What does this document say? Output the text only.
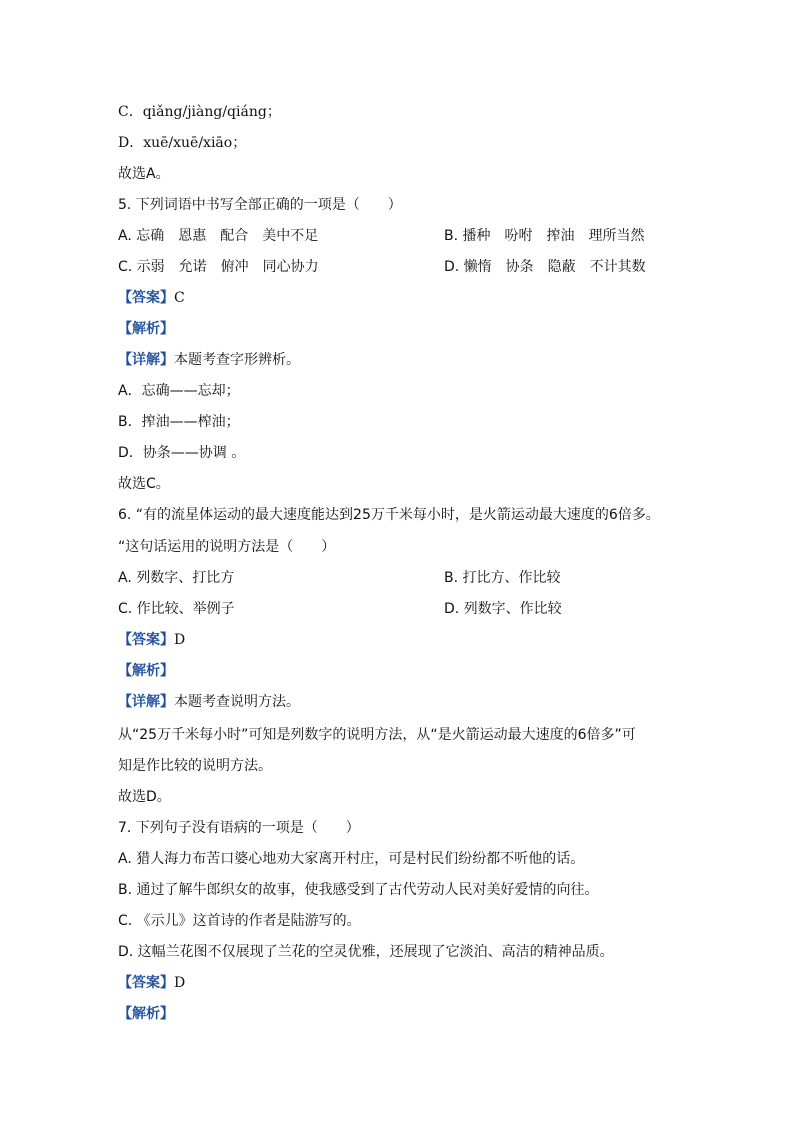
C．qiǎng/jiàng/qiáng；
D．xuē/xuē/xiāo；
故选A。
5. 下列词语中书写全部正确的一项是（　　）
A. 忘确　恩惠　配合　美中不足	B. 播种　吩咐　搾油　理所当然
C. 示弱　允诺　俯冲　同心协力	D. 懒惰　协条　隐蔽　不计其数
【答案】C
【解析】
【详解】本题考查字形辨析。
A．忘确——忘却；
B．搾油——榨油；
D．协条——协调 。
故选C。
6. “有的流星体运动的最大速度能达到25万千米每小时，是火箭运动最大速度的6倍多。
“这句话运用的说明方法是（　　）
A. 列数字、打比方	B. 打比方、作比较
C. 作比较、举例子	D. 列数字、作比较
【答案】D
【解析】
【详解】本题考查说明方法。
从“25万千米每小时”可知是列数字的说明方法，从“是火箭运动最大速度的6倍多”可
知是作比较的说明方法。
故选D。
7. 下列句子没有语病的一项是（　　）
A. 猎人海力布苦口婆心地劝大家离开村庄，可是村民们纷纷都不听他的话。
B. 通过了解牛郎织女的故事，使我感受到了古代劳动人民对美好爱情的向往。
C. 《示儿》这首诗的作者是陆游写的。
D. 这幅兰花图不仅展现了兰花的空灵优雅，还展现了它淡泊、高洁的精神品质。
【答案】D
【解析】
